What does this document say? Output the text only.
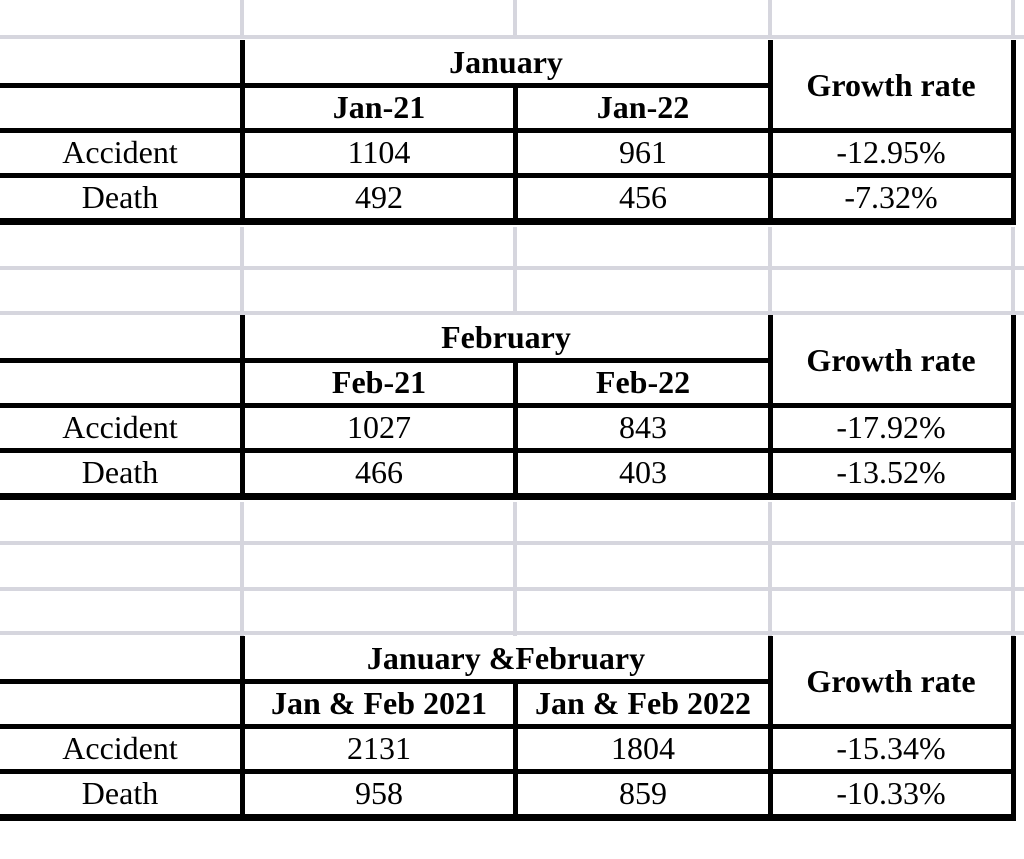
January
Growth rate
Jan-21	Jan-22
Accident	1104	961	-12.95%
Death	492	456	-7.32%
February
Growth rate
Feb-21	Feb-22
Accident	1027	843	-17.92%
Death	466	403	-13.52%
January &February
Growth rate
Jan & Feb 2021	Jan & Feb 2022
Accident	2131	1804	-15.34%
Death	958	859	-10.33%
